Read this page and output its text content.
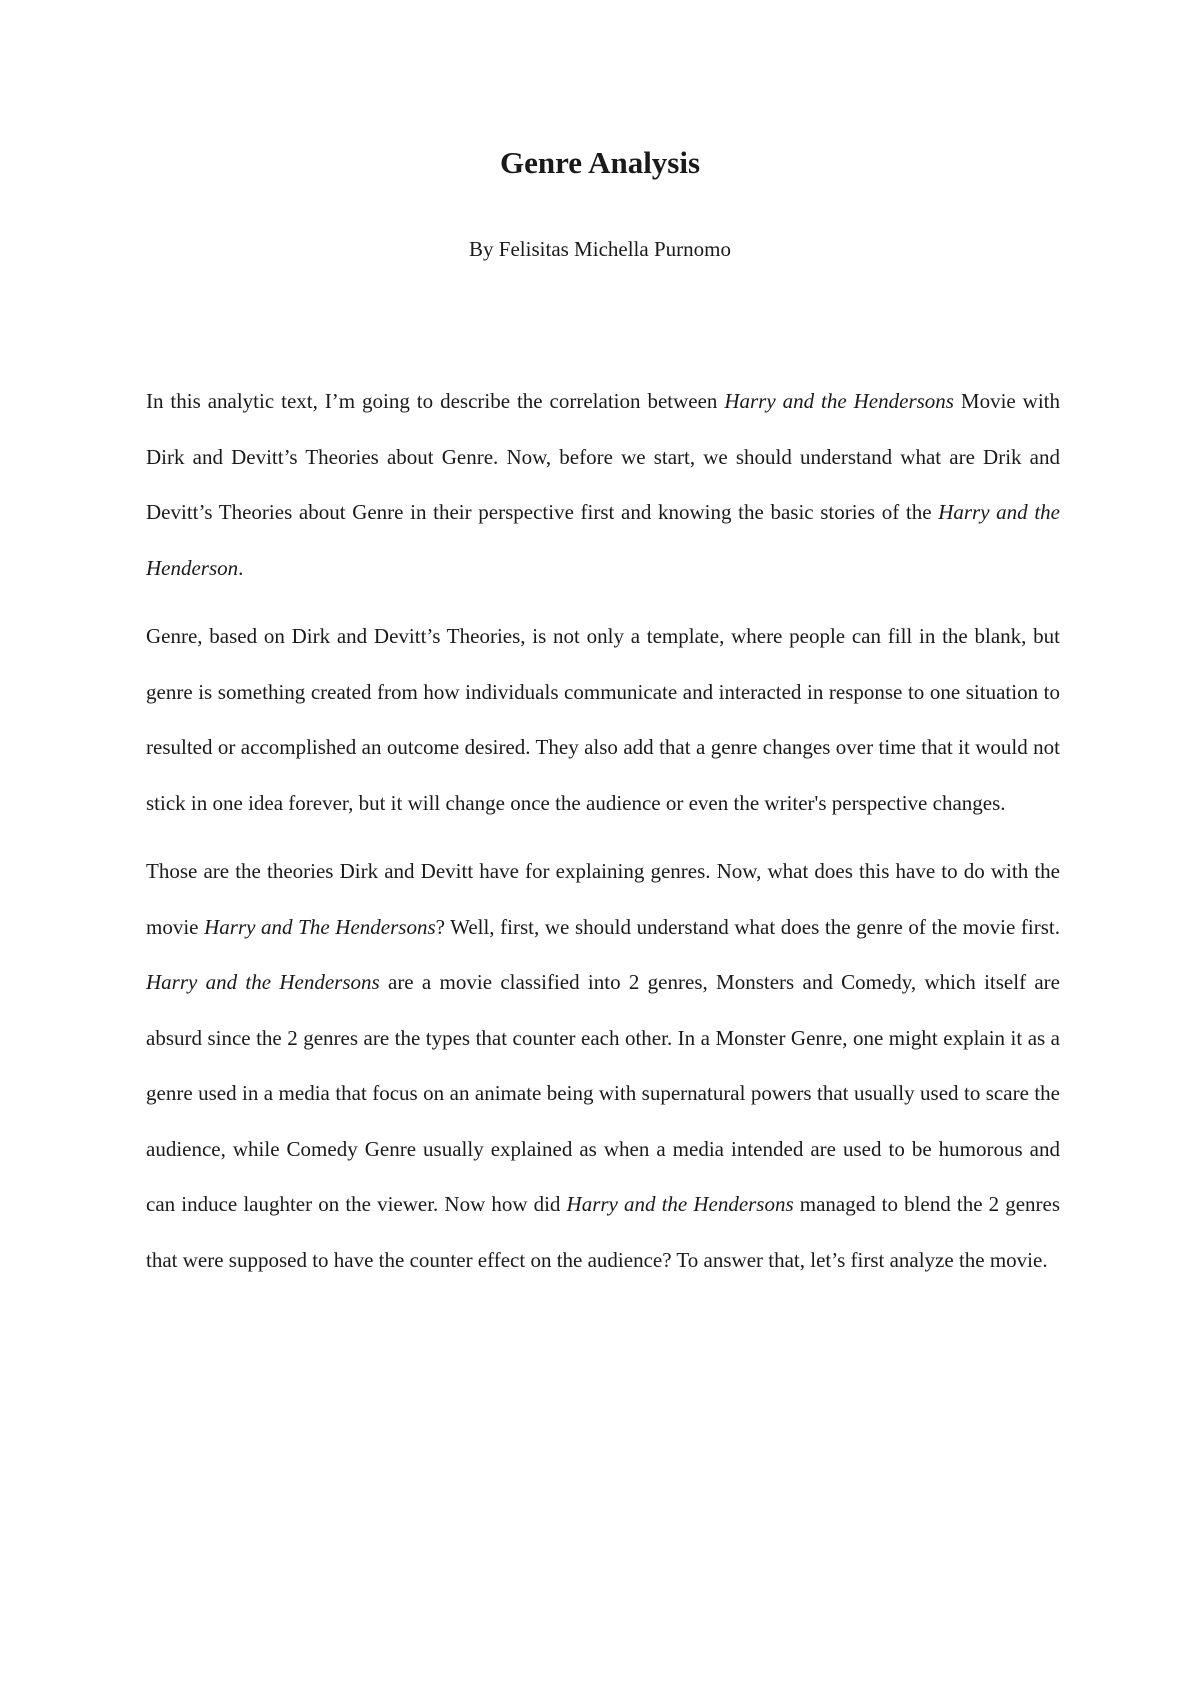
Genre Analysis

By Felisitas Michella Purnomo

In this analytic text, I’m going to describe the correlation between Harry and the Hendersons Movie with Dirk and Devitt’s Theories about Genre. Now, before we start, we should understand what are Drik and Devitt’s Theories about Genre in their perspective first and knowing the basic stories of the Harry and the Henderson.

Genre, based on Dirk and Devitt’s Theories, is not only a template, where people can fill in the blank, but genre is something created from how individuals communicate and interacted in response to one situation to resulted or accomplished an outcome desired. They also add that a genre changes over time that it would not stick in one idea forever, but it will change once the audience or even the writer's perspective changes.

Those are the theories Dirk and Devitt have for explaining genres. Now, what does this have to do with the movie Harry and The Hendersons? Well, first, we should understand what does the genre of the movie first. Harry and the Hendersons are a movie classified into 2 genres, Monsters and Comedy, which itself are absurd since the 2 genres are the types that counter each other. In a Monster Genre, one might explain it as a genre used in a media that focus on an animate being with supernatural powers that usually used to scare the audience, while Comedy Genre usually explained as when a media intended are used to be humorous and can induce laughter on the viewer. Now how did Harry and the Hendersons managed to blend the 2 genres that were supposed to have the counter effect on the audience? To answer that, let’s first analyze the movie.
